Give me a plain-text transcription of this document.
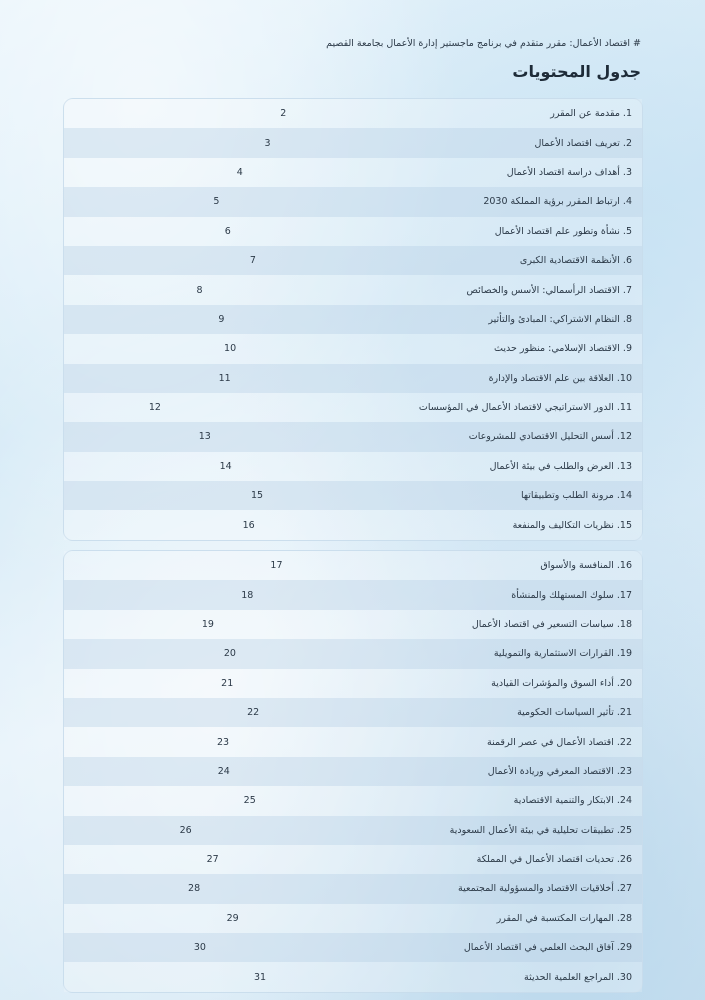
# اقتصاد الأعمال: مقرر متقدم في برنامج ماجستير إدارة الأعمال بجامعة القصيم
جدول المحتويات
1. مقدمة عن المقرر
2
2. تعريف اقتصاد الأعمال
3
3. أهداف دراسة اقتصاد الأعمال
4
4. ارتباط المقرر برؤية المملكة 2030
5
5. نشأة وتطور علم اقتصاد الأعمال
6
6. الأنظمة الاقتصادية الكبرى
7
7. الاقتصاد الرأسمالي: الأسس والخصائص
8
8. النظام الاشتراكي: المبادئ والتأثير
9
9. الاقتصاد الإسلامي: منظور حديث
10
10. العلاقة بين علم الاقتصاد والإدارة
11
11. الدور الاستراتيجي لاقتصاد الأعمال في المؤسسات
12
12. أسس التحليل الاقتصادي للمشروعات
13
13. العرض والطلب في بيئة الأعمال
14
14. مرونة الطلب وتطبيقاتها
15
15. نظريات التكاليف والمنفعة
16
16. المنافسة والأسواق
17
17. سلوك المستهلك والمنشأة
18
18. سياسات التسعير في اقتصاد الأعمال
19
19. القرارات الاستثمارية والتمويلية
20
20. أداء السوق والمؤشرات القيادية
21
21. تأثير السياسات الحكومية
22
22. اقتصاد الأعمال في عصر الرقمنة
23
23. الاقتصاد المعرفي وريادة الأعمال
24
24. الابتكار والتنمية الاقتصادية
25
25. تطبيقات تحليلية في بيئة الأعمال السعودية
26
26. تحديات اقتصاد الأعمال في المملكة
27
27. أخلاقيات الاقتصاد والمسؤولية المجتمعية
28
28. المهارات المكتسبة في المقرر
29
29. آفاق البحث العلمي في اقتصاد الأعمال
30
30. المراجع العلمية الحديثة
31
